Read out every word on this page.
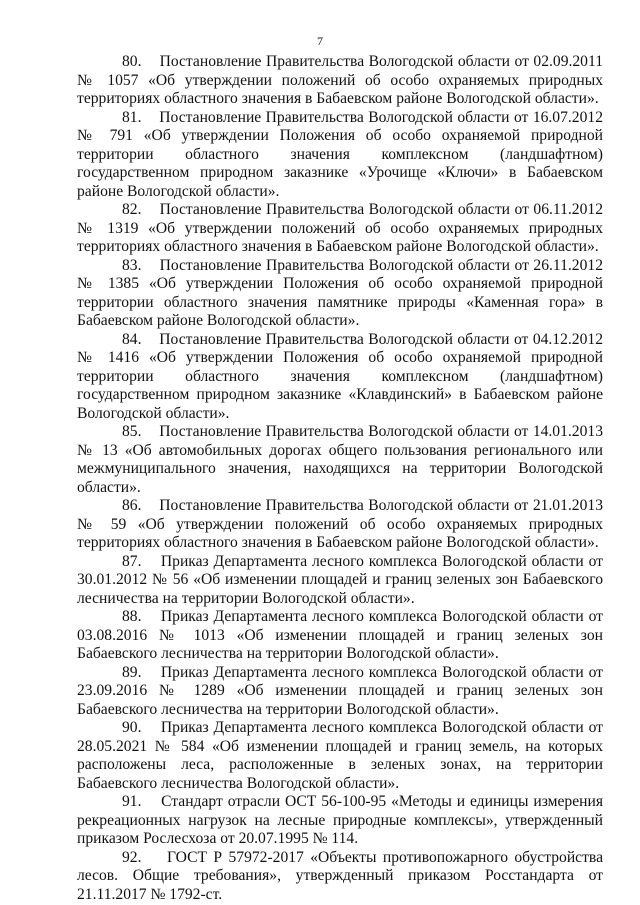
7

80. Постановление Правительства Вологодской области от 02.09.2011 № 1057 «Об утверждении положений об особо охраняемых природных территориях областного значения в Бабаевском районе Вологодской области».

81. Постановление Правительства Вологодской области от 16.07.2012 № 791 «Об утверждении Положения об особо охраняемой природной территории областного значения комплексном (ландшафтном) государственном природном заказнике «Урочище «Ключи» в Бабаевском районе Вологодской области».

82. Постановление Правительства Вологодской области от 06.11.2012 № 1319 «Об утверждении положений об особо охраняемых природных территориях областного значения в Бабаевском районе Вологодской области».

83. Постановление Правительства Вологодской области от 26.11.2012 № 1385 «Об утверждении Положения об особо охраняемой природной территории областного значения памятнике природы «Каменная гора» в Бабаевском районе Вологодской области».

84. Постановление Правительства Вологодской области от 04.12.2012 № 1416 «Об утверждении Положения об особо охраняемой природной территории областного значения комплексном (ландшафтном) государственном природном заказнике «Клавдинский» в Бабаевском районе Вологодской области».

85. Постановление Правительства Вологодской области от 14.01.2013 № 13 «Об автомобильных дорогах общего пользования регионального или межмуниципального значения, находящихся на территории Вологодской области».

86. Постановление Правительства Вологодской области от 21.01.2013 № 59 «Об утверждении положений об особо охраняемых природных территориях областного значения в Бабаевском районе Вологодской области».

87. Приказ Департамента лесного комплекса Вологодской области от 30.01.2012 № 56 «Об изменении площадей и границ зеленых зон Бабаевского лесничества на территории Вологодской области».

88. Приказ Департамента лесного комплекса Вологодской области от 03.08.2016 № 1013 «Об изменении площадей и границ зеленых зон Бабаевского лесничества на территории Вологодской области».

89. Приказ Департамента лесного комплекса Вологодской области от 23.09.2016 № 1289 «Об изменении площадей и границ зеленых зон Бабаевского лесничества на территории Вологодской области».

90. Приказ Департамента лесного комплекса Вологодской области от 28.05.2021 № 584 «Об изменении площадей и границ земель, на которых расположены леса, расположенные в зеленых зонах, на территории Бабаевского лесничества Вологодской области».

91. Стандарт отрасли ОСТ 56-100-95 «Методы и единицы измерения рекреационных нагрузок на лесные природные комплексы», утвержденный приказом Рослесхоза от 20.07.1995 № 114.

92. ГОСТ Р 57972-2017 «Объекты противопожарного обустройства лесов. Общие требования», утвержденный приказом Росстандарта от 21.11.2017 № 1792-ст.
